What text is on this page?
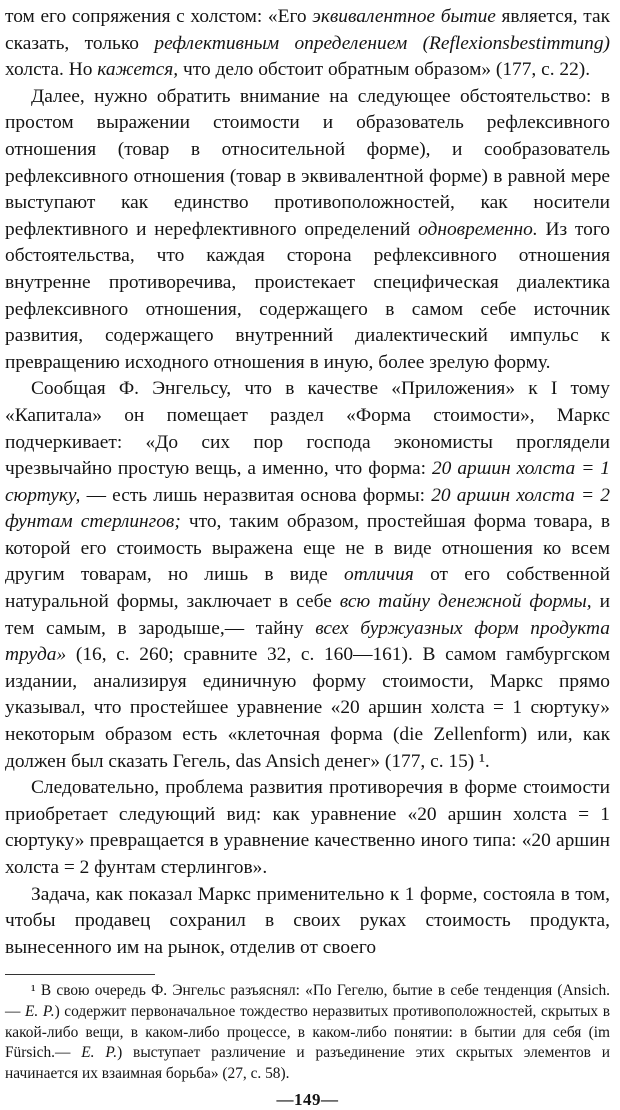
том его сопряжения с холстом: «Его эквивалентное бытие является, так сказать, только рефлективным определением (Reflexionsbestimmung) холста. Но кажется, что дело обстоит обратным образом» (177, с. 22).

Далее, нужно обратить внимание на следующее обстоятельство: в простом выражении стоимости и образователь рефлексивного отношения (товар в относительной форме), и сообразователь рефлексивного отношения (товар в эквивалентной форме) в равной мере выступают как единство противоположностей, как носители рефлективного и нерефлективного определений одновременно. Из того обстоятельства, что каждая сторона рефлексивного отношения внутренне противоречива, проистекает специфическая диалектика рефлексивного отношения, содержащего в самом себе источник развития, содержащего внутренний диалектический импульс к превращению исходного отношения в иную, более зрелую форму.

Сообщая Ф. Энгельсу, что в качестве «Приложения» к I тому «Капитала» он помещает раздел «Форма стоимости», Маркс подчеркивает: «До сих пор господа экономисты проглядели чрезвычайно простую вещь, а именно, что форма: 20 аршин холста = 1 сюртуку, — есть лишь неразвитая основа формы: 20 аршин холста = 2 фунтам стерлингов; что, таким образом, простейшая форма товара, в которой его стоимость выражена еще не в виде отношения ко всем другим товарам, но лишь в виде отличия от его собственной натуральной формы, заключает в себе всю тайну денежной формы, и тем самым, в зародыше,— тайну всех буржуазных форм продукта труда» (16, с. 260; сравните 32, с. 160—161). В самом гамбургском издании, анализируя единичную форму стоимости, Маркс прямо указывал, что простейшее уравнение «20 аршин холста = 1 сюртуку» некоторым образом есть «клеточная форма (die Zellenform) или, как должен был сказать Гегель, das Ansich денег» (177, с. 15) ¹.

Следовательно, проблема развития противоречия в форме стоимости приобретает следующий вид: как уравнение «20 аршин холста = 1 сюртуку» превращается в уравнение качественно иного типа: «20 аршин холста = 2 фунтам стерлингов».

Задача, как показал Маркс применительно к 1 форме, состояла в том, чтобы продавец сохранил в своих руках стоимость продукта, вынесенного им на рынок, отделив от своего

¹ В свою очередь Ф. Энгельс разъяснял: «По Гегелю, бытие в себе тенденция (Ansich. — Е. Р.) содержит первоначальное тождество неразвитых противоположностей, скрытых в какой-либо вещи, в каком-либо процессе, в каком-либо понятии: в бытии для себя (im Fürsich.— Е. Р.) выступает различение и разъединение этих скрытых элементов и начинается их взаимная борьба» (27, с. 58).

—149—
